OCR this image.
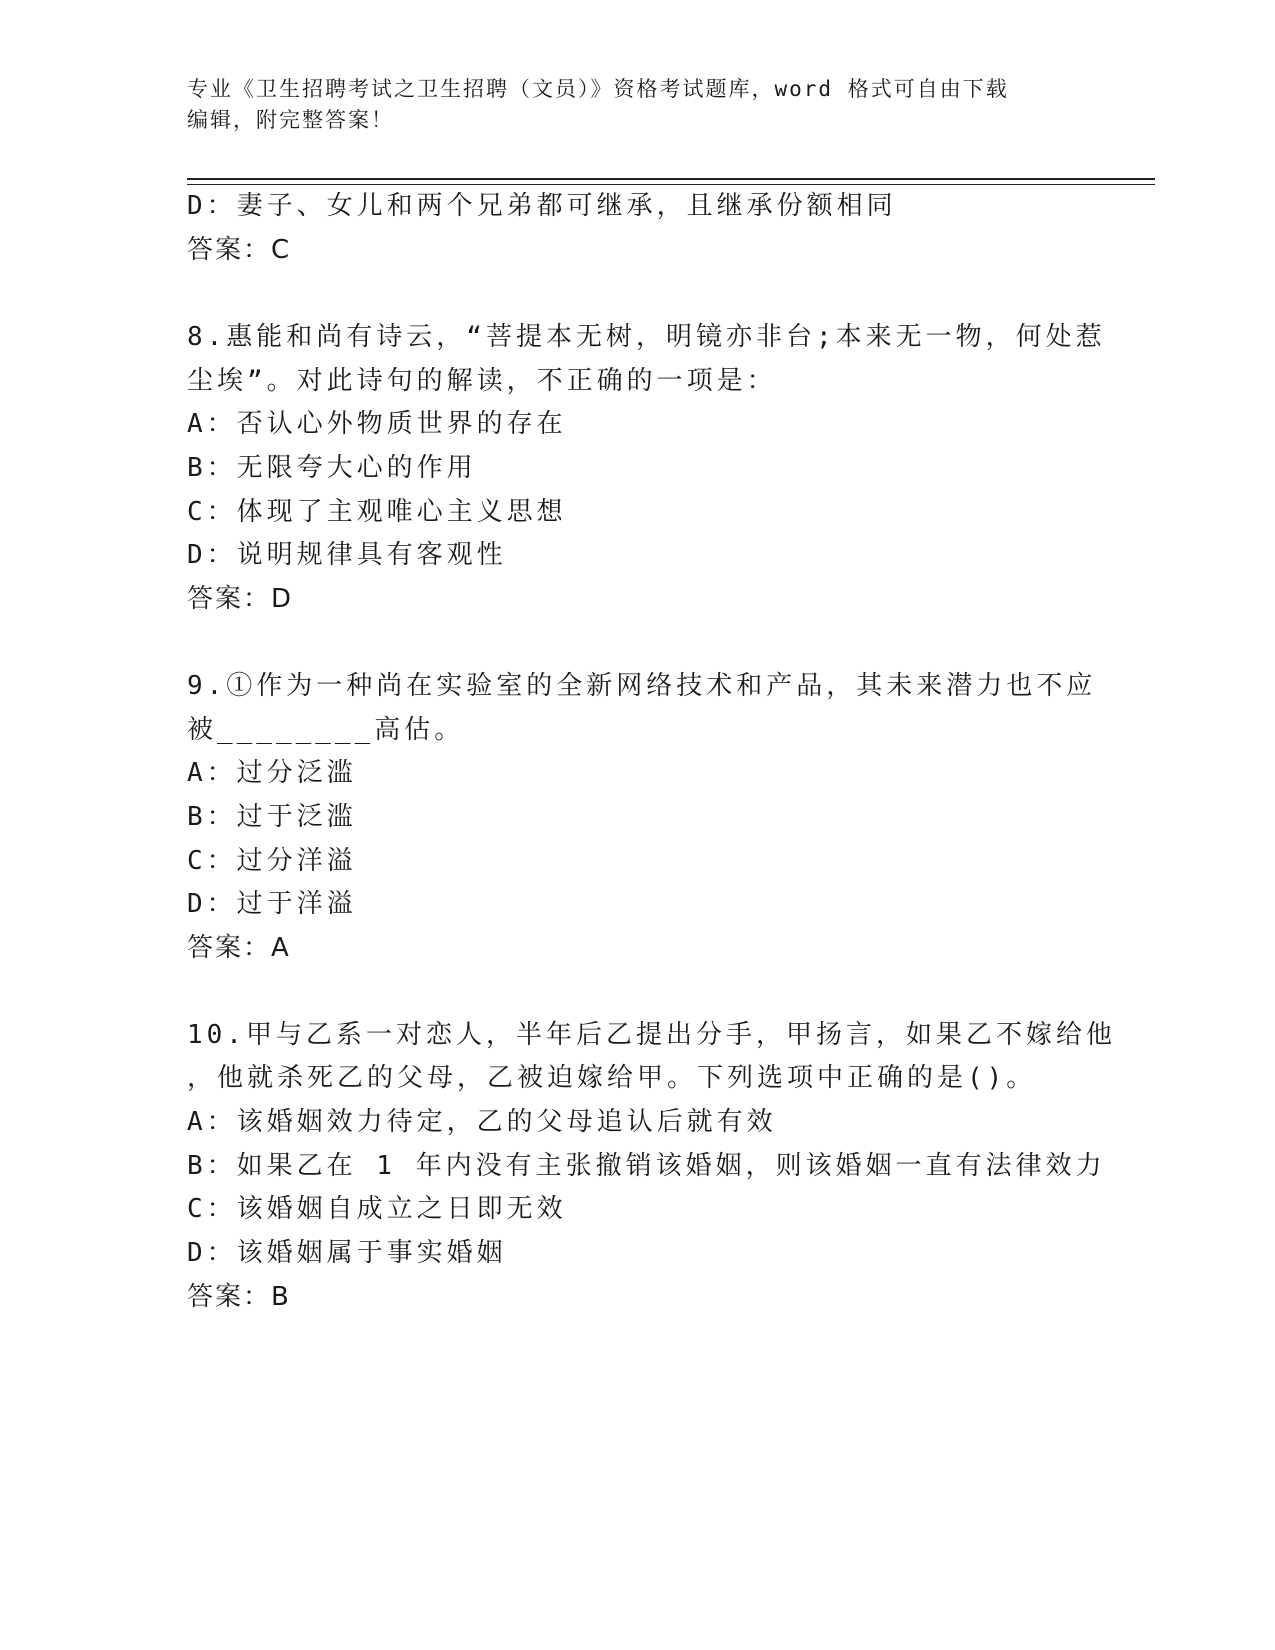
专业《卫生招聘考试之卫生招聘（文员）》资格考试题库，word 格式可自由下载
编辑，附完整答案！
D：妻子、女儿和两个兄弟都可继承，且继承份额相同
答案：C
8.惠能和尚有诗云，“菩提本无树，明镜亦非台;本来无一物，何处惹
尘埃”。对此诗句的解读，不正确的一项是：
A：否认心外物质世界的存在
B：无限夸大心的作用
C：体现了主观唯心主义思想
D：说明规律具有客观性
答案：D
9.①作为一种尚在实验室的全新网络技术和产品，其未来潜力也不应
被________高估。
A：过分泛滥
B：过于泛滥
C：过分洋溢
D：过于洋溢
答案：A
10.甲与乙系一对恋人，半年后乙提出分手，甲扬言，如果乙不嫁给他
，他就杀死乙的父母，乙被迫嫁给甲。下列选项中正确的是()。
A：该婚姻效力待定，乙的父母追认后就有效
B：如果乙在 1 年内没有主张撤销该婚姻，则该婚姻一直有法律效力
C：该婚姻自成立之日即无效
D：该婚姻属于事实婚姻
答案：B
